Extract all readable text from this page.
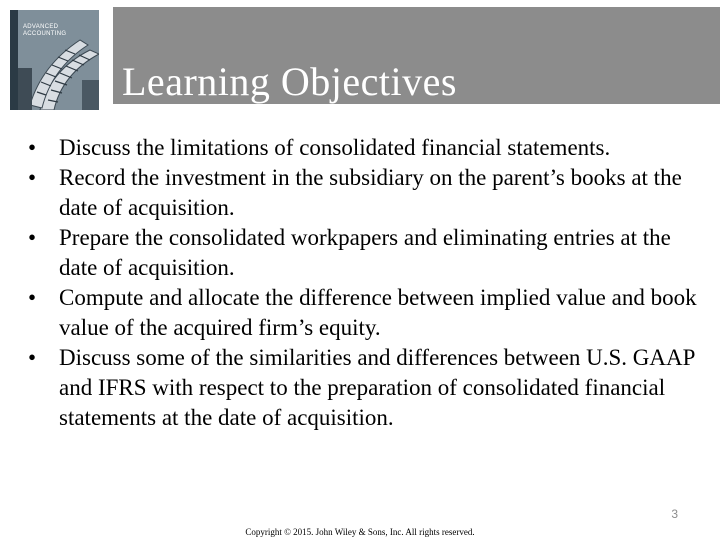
ADVANCED
ACCOUNTING
Learning Objectives
• Discuss the limitations of consolidated financial statements.
• Record the investment in the subsidiary on the parent’s books at the date of acquisition.
• Prepare the consolidated workpapers and eliminating entries at the date of acquisition.
• Compute and allocate the difference between implied value and book value of the acquired firm’s equity.
• Discuss some of the similarities and differences between U.S. GAAP and IFRS with respect to the preparation of consolidated financial statements at the date of acquisition.
3
Copyright © 2015. John Wiley & Sons, Inc. All rights reserved.
